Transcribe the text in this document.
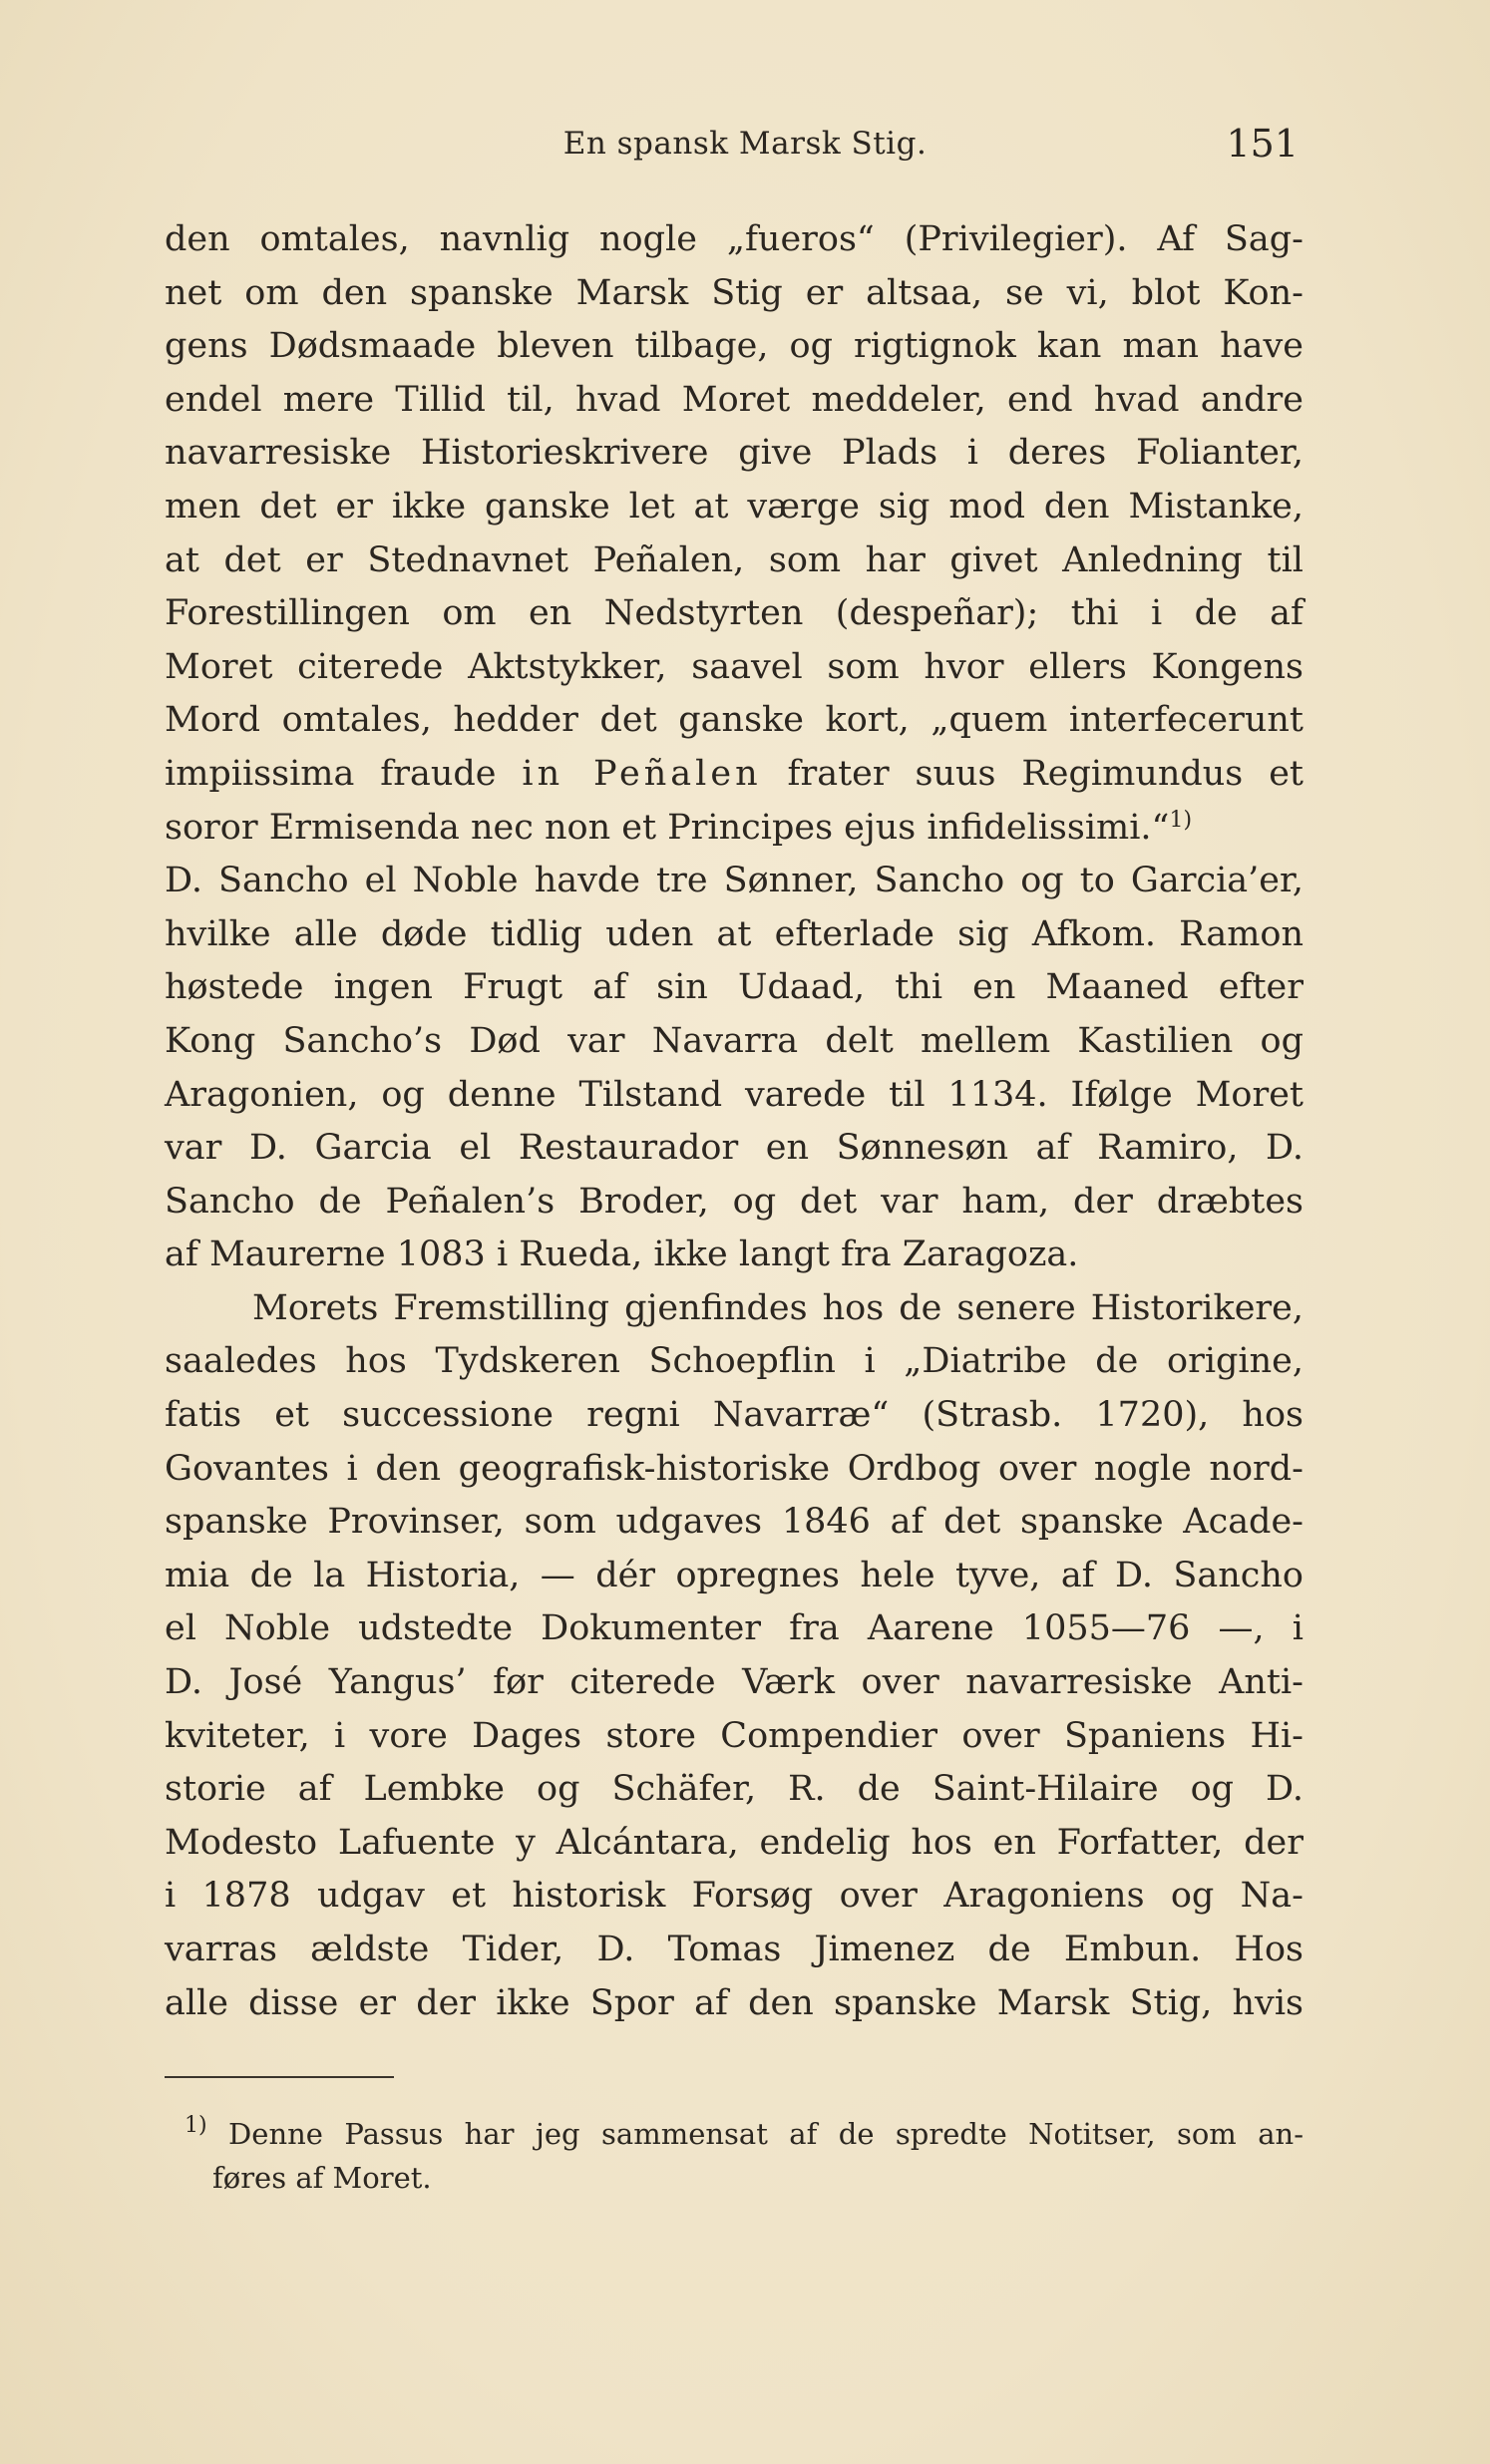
En spansk Marsk Stig.	151
den omtales, navnlig nogle „fueros“ (Privilegier). Af Sag-
net om den spanske Marsk Stig er altsaa, se vi, blot Kon-
gens Dødsmaade bleven tilbage, og rigtignok kan man have
endel mere Tillid til, hvad Moret meddeler, end hvad andre
navarresiske Historieskrivere give Plads i deres Folianter,
men det er ikke ganske let at værge sig mod den Mistanke,
at det er Stednavnet Peñalen, som har givet Anledning til
Forestillingen om en Nedstyrten (despeñar); thi i de af
Moret citerede Aktstykker, saavel som hvor ellers Kongens
Mord omtales, hedder det ganske kort, „quem interfecerunt
impiissima fraude in Peñalen frater suus Regimundus et
soror Ermisenda nec non et Principes ejus infidelissimi.“$^{1)}$
D. Sancho el Noble havde tre Sønner, Sancho og to Garcia’er,
hvilke alle døde tidlig uden at efterlade sig Afkom. Ramon
høstede ingen Frugt af sin Udaad, thi en Maaned efter
Kong Sancho’s Død var Navarra delt mellem Kastilien og
Aragonien, og denne Tilstand varede til 1134. Ifølge Moret
var D. Garcia el Restaurador en Sønnesøn af Ramiro, D.
Sancho de Peñalen’s Broder, og det var ham, der dræbtes
af Maurerne 1083 i Rueda, ikke langt fra Zaragoza.
Morets Fremstilling gjenfindes hos de senere Historikere,
saaledes hos Tydskeren Schoepflin i „Diatribe de origine,
fatis et successione regni Navarræ“ (Strasb. 1720), hos
Govantes i den geografisk-historiske Ordbog over nogle nord-
spanske Provinser, som udgaves 1846 af det spanske Acade-
mia de la Historia, — dér opregnes hele tyve, af D. Sancho
el Noble udstedte Dokumenter fra Aarene 1055—76 —, i
D. José Yangus’ før citerede Værk over navarresiske Anti-
kviteter, i vore Dages store Compendier over Spaniens Hi-
storie af Lembke og Schäfer, R. de Saint-Hilaire og D.
Modesto Lafuente y Alcántara, endelig hos en Forfatter, der
i 1878 udgav et historisk Forsøg over Aragoniens og Na-
varras ældste Tider, D. Tomas Jimenez de Embun. Hos
alle disse er der ikke Spor af den spanske Marsk Stig, hvis
$^{1)}$ Denne Passus har jeg sammensat af de spredte Notitser, som an-
føres af Moret.
